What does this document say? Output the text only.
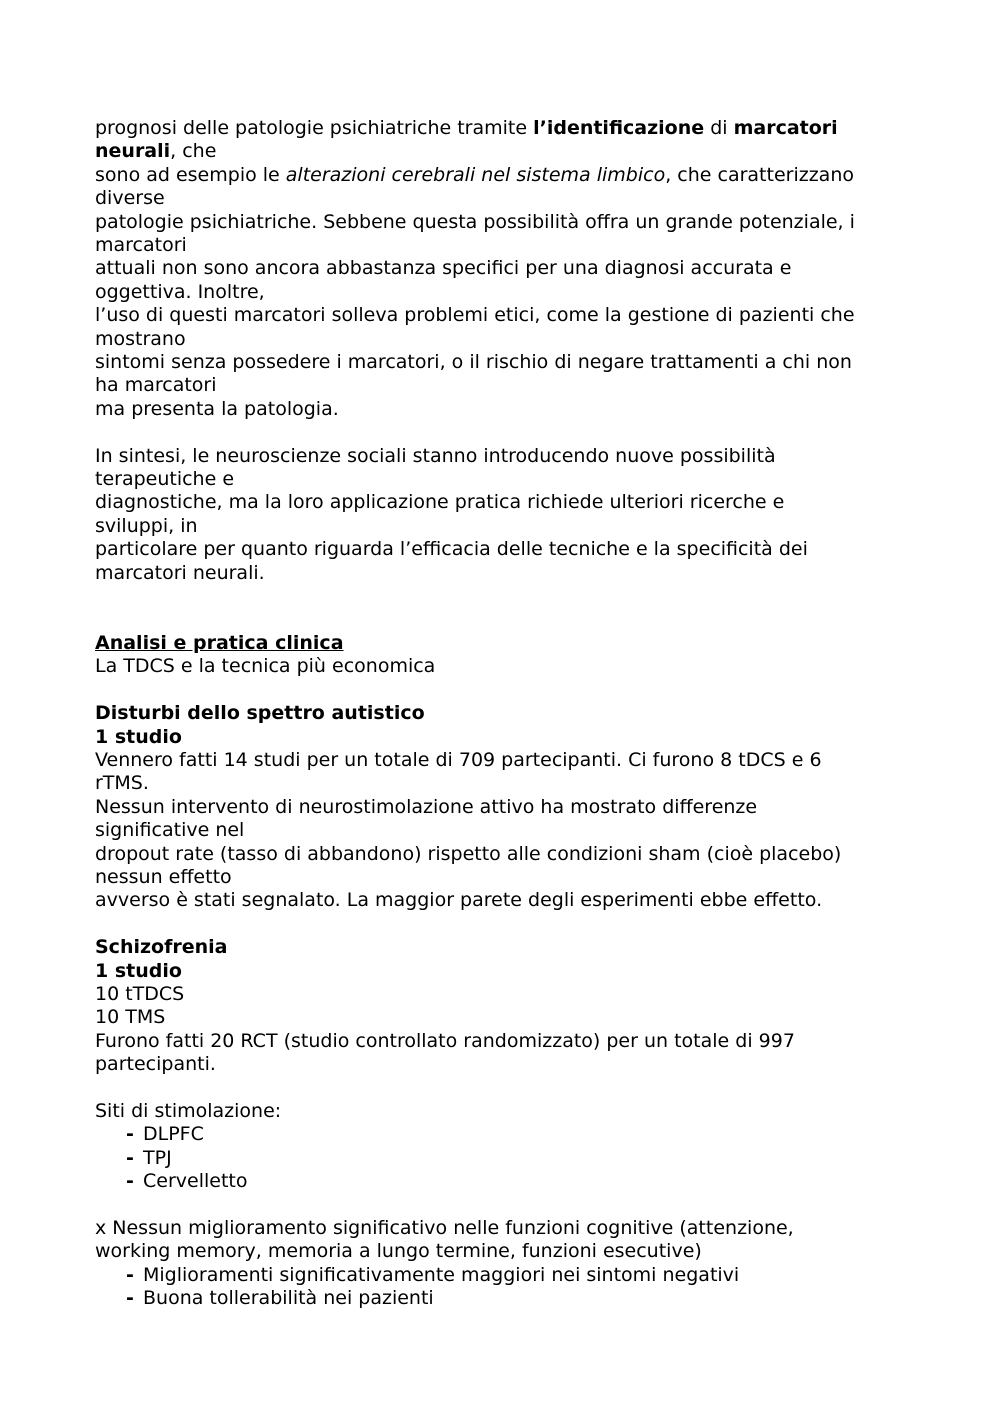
prognosi delle patologie psichiatriche tramite l’identificazione di marcatori
neurali, che
sono ad esempio le alterazioni cerebrali nel sistema limbico, che caratterizzano
diverse
patologie psichiatriche. Sebbene questa possibilità offra un grande potenziale, i
marcatori
attuali non sono ancora abbastanza specifici per una diagnosi accurata e
oggettiva. Inoltre,
l’uso di questi marcatori solleva problemi etici, come la gestione di pazienti che
mostrano
sintomi senza possedere i marcatori, o il rischio di negare trattamenti a chi non
ha marcatori
ma presenta la patologia.
In sintesi, le neuroscienze sociali stanno introducendo nuove possibilità
terapeutiche e
diagnostiche, ma la loro applicazione pratica richiede ulteriori ricerche e
sviluppi, in
particolare per quanto riguarda l’efficacia delle tecniche e la specificità dei
marcatori neurali.
Analisi e pratica clinica
La TDCS e la tecnica più economica
Disturbi dello spettro autistico
1 studio
Vennero fatti 14 studi per un totale di 709 partecipanti. Ci furono 8 tDCS e 6
rTMS.
Nessun intervento di neurostimolazione attivo ha mostrato differenze
significative nel
dropout rate (tasso di abbandono) rispetto alle condizioni sham (cioè placebo)
nessun effetto
avverso è stati segnalato. La maggior parete degli esperimenti ebbe effetto.
Schizofrenia
1 studio
10 tTDCS
10 TMS
Furono fatti 20 RCT (studio controllato randomizzato) per un totale di 997
partecipanti.
Siti di stimolazione:
- DLPFC
- TPJ
- Cervelletto
x Nessun miglioramento significativo nelle funzioni cognitive (attenzione,
working memory, memoria a lungo termine, funzioni esecutive)
- Miglioramenti significativamente maggiori nei sintomi negativi
- Buona tollerabilità nei pazienti
